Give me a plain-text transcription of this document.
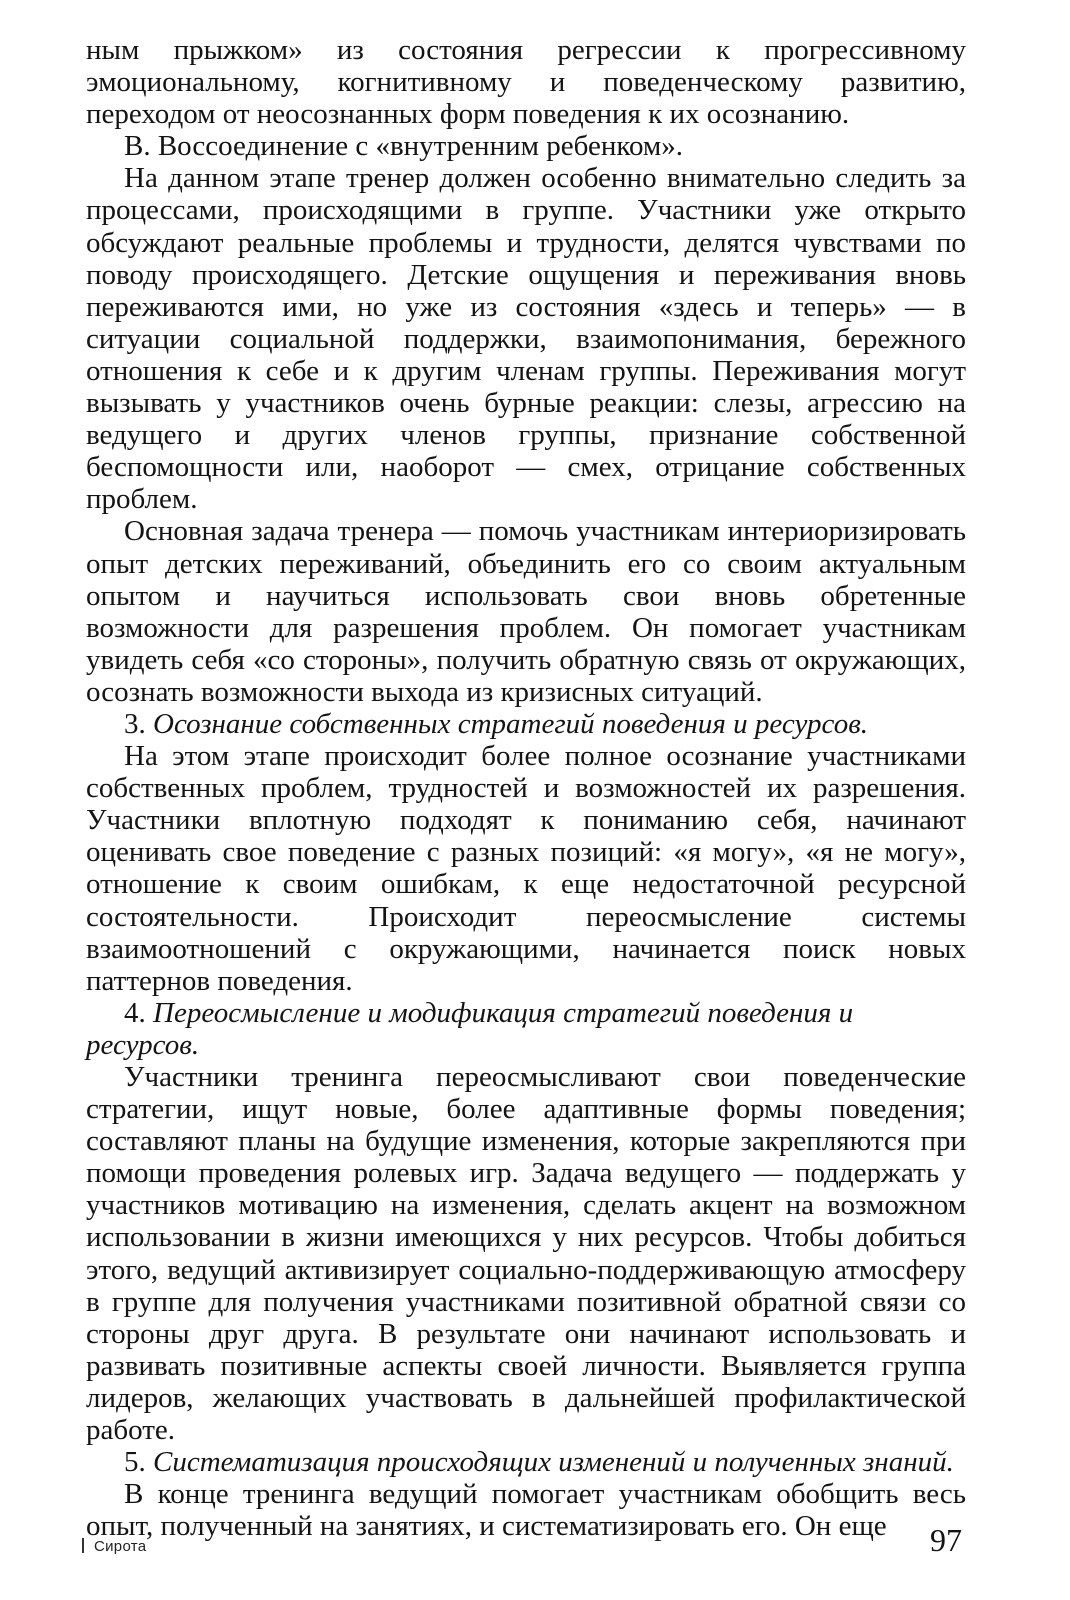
ным прыжком» из состояния регрессии к прогрессивному эмоциональному, когнитивному и поведенческому развитию, переходом от неосознанных форм поведения к их осознанию.

В. Воссоединение с «внутренним ребенком».

На данном этапе тренер должен особенно внимательно следить за процессами, происходящими в группе. Участники уже открыто обсуждают реальные проблемы и трудности, делятся чувствами по поводу происходящего. Детские ощущения и переживания вновь переживаются ими, но уже из состояния «здесь и теперь» — в ситуации социальной поддержки, взаимопонимания, бережного отношения к себе и к другим членам группы. Переживания могут вызывать у участников очень бурные реакции: слезы, агрессию на ведущего и других членов группы, признание собственной беспомощности или, наоборот — смех, отрицание собственных проблем.

Основная задача тренера — помочь участникам интериоризировать опыт детских переживаний, объединить его со своим актуальным опытом и научиться использовать свои вновь обретенные возможности для разрешения проблем. Он помогает участникам увидеть себя «со стороны», получить обратную связь от окружающих, осознать возможности выхода из кризисных ситуаций.

3. Осознание собственных стратегий поведения и ресурсов.

На этом этапе происходит более полное осознание участниками собственных проблем, трудностей и возможностей их разрешения. Участники вплотную подходят к пониманию себя, начинают оценивать свое поведение с разных позиций: «я могу», «я не могу», отношение к своим ошибкам, к еще недостаточной ресурсной состоятельности. Происходит переосмысление системы взаимоотношений с окружающими, начинается поиск новых паттернов поведения.

4. Переосмысление и модификация стратегий поведения и ресурсов.

Участники тренинга переосмысливают свои поведенческие стратегии, ищут новые, более адаптивные формы поведения; составляют планы на будущие изменения, которые закрепляются при помощи проведения ролевых игр. Задача ведущего — поддержать у участников мотивацию на изменения, сделать акцент на возможном использовании в жизни имеющихся у них ресурсов. Чтобы добиться этого, ведущий активизирует социально-поддерживающую атмосферу в группе для получения участниками позитивной обратной связи со стороны друг друга. В результате они начинают использовать и развивать позитивные аспекты своей личности. Выявляется группа лидеров, желающих участвовать в дальнейшей профилактической работе.

5. Систематизация происходящих изменений и полученных знаний.

В конце тренинга ведущий помогает участникам обобщить весь опыт, полученный на занятиях, и систематизировать его. Он еще

Сирота	97
